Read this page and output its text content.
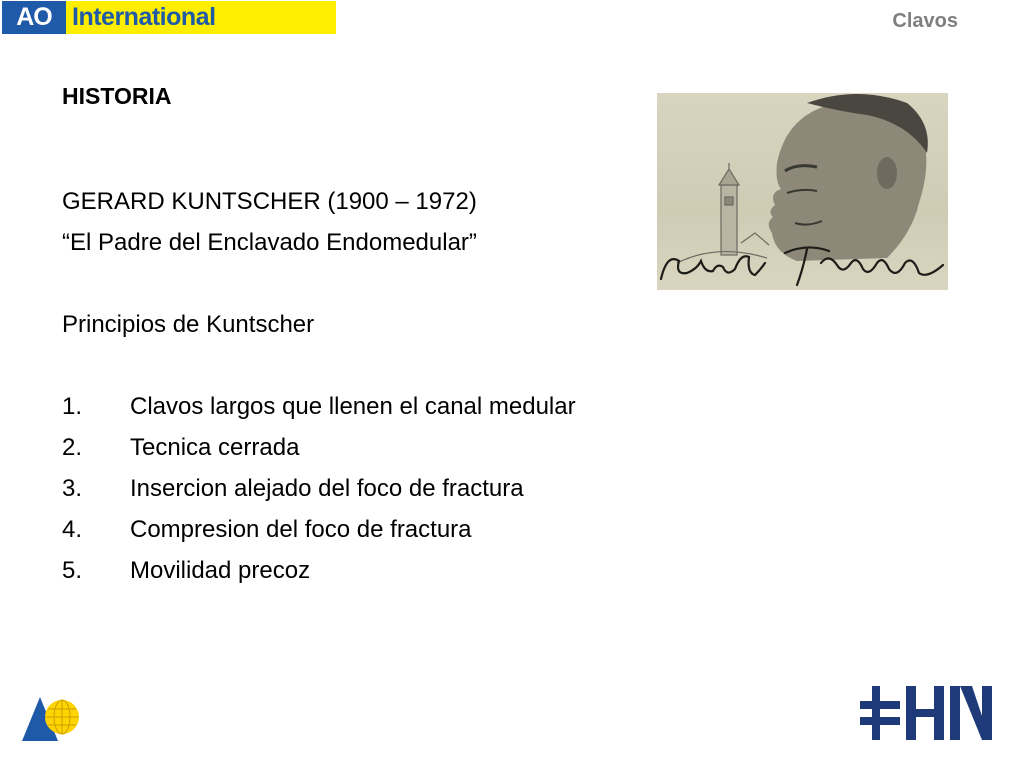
AO International	Clavos
HISTORIA
GERARD KUNTSCHER (1900 – 1972)
“El Padre del Enclavado Endomedular”
Principios de Kuntscher
1.	Clavos largos que llenen el canal medular
2.	Tecnica cerrada
3.	Insercion alejado del foco de fractura
4.	Compresion del foco de fractura
5.	Movilidad precoz
